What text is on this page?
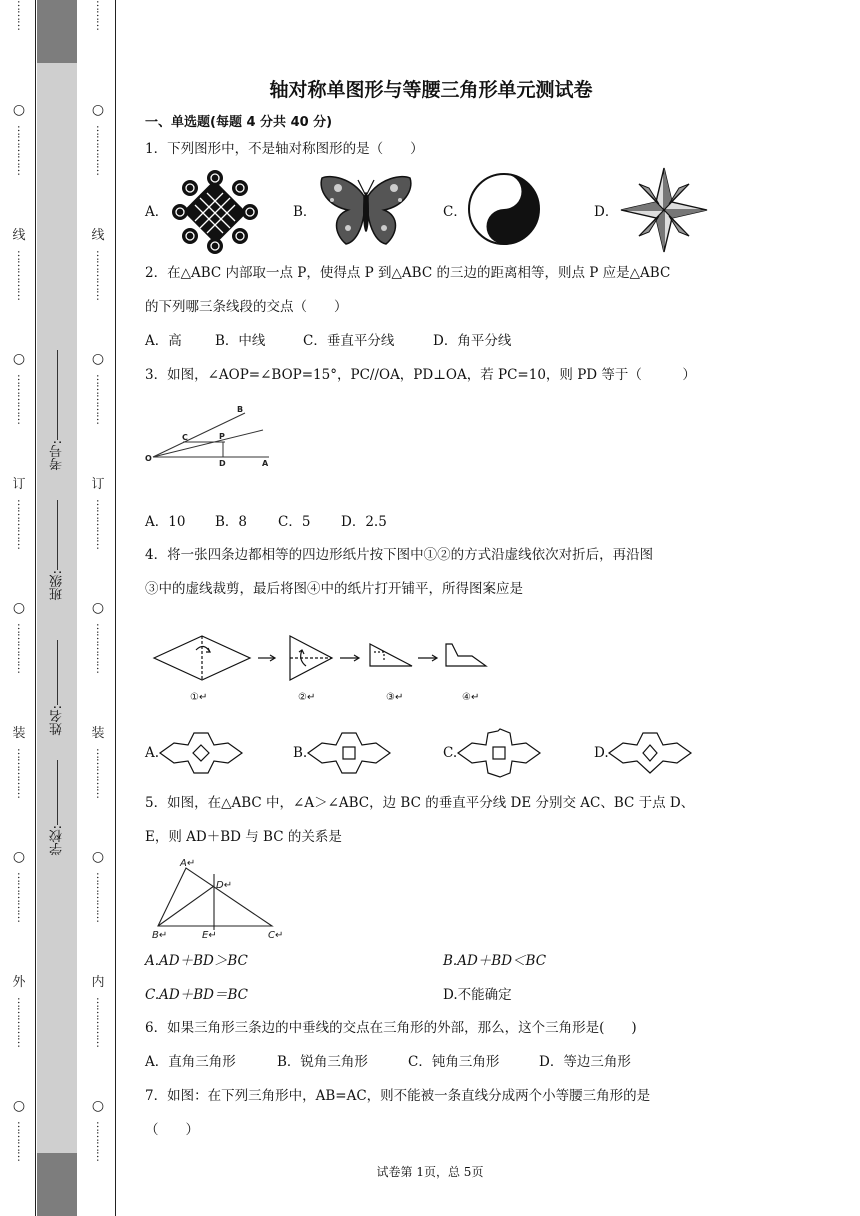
………
○
……………
线
……………
○
……………
订
……………
○
……………
装
……………
○
……………
外
……………
○
…………
考号:
班级:
姓名:
学校:
………
○
……………
线
……………
○
……………
订
……………
○
……………
装
……………
○
……………
内
……………
○
…………
轴对称单图形与等腰三角形单元测试卷
一、单选题(每题 4 分共 40 分)
1．下列图形中，不是轴对称图形的是（　　）
A．	B．	C．	D．
2．在△ABC 内部取一点 P，使得点 P 到△ABC 的三边的距离相等，则点 P 应是△ABC
的下列哪三条线段的交点（　　）
A．高 B．中线	C．垂直平分线	D．角平分线
3．如图，∠AOP=∠BOP=15°，PC//OA，PD⊥OA，若 PC=10，则 PD 等于（　　　）
B
C	P
O
D	A
A．10 B．8 C．5 D．2.5
4．将一张四条边都相等的四边形纸片按下图中①②的方式沿虚线依次对折后，再沿图
③中的虚线裁剪，最后将图④中的纸片打开铺平，所得图案应是
①↵	②↵	③↵	④↵
A.	B.	C.	D.
5．如图，在△ABC 中，∠A＞∠ABC，边 BC 的垂直平分线 DE 分别交 AC、BC 于点 D、
E，则 AD＋BD 与 BC 的关系是
A↵
D↵
B↵	E↵	C↵
A.AD＋BD＞BC	B.AD＋BD＜BC
C.AD＋BD＝BC	D.不能确定
6．如果三角形三条边的中垂线的交点在三角形的外部，那么，这个三角形是(　　)
A．直角三角形	B．锐角三角形	C．钝角三角形	D．等边三角形
7．如图：在下列三角形中，AB=AC，则不能被一条直线分成两个小等腰三角形的是
（　　）
试卷第 1页，总 5页
